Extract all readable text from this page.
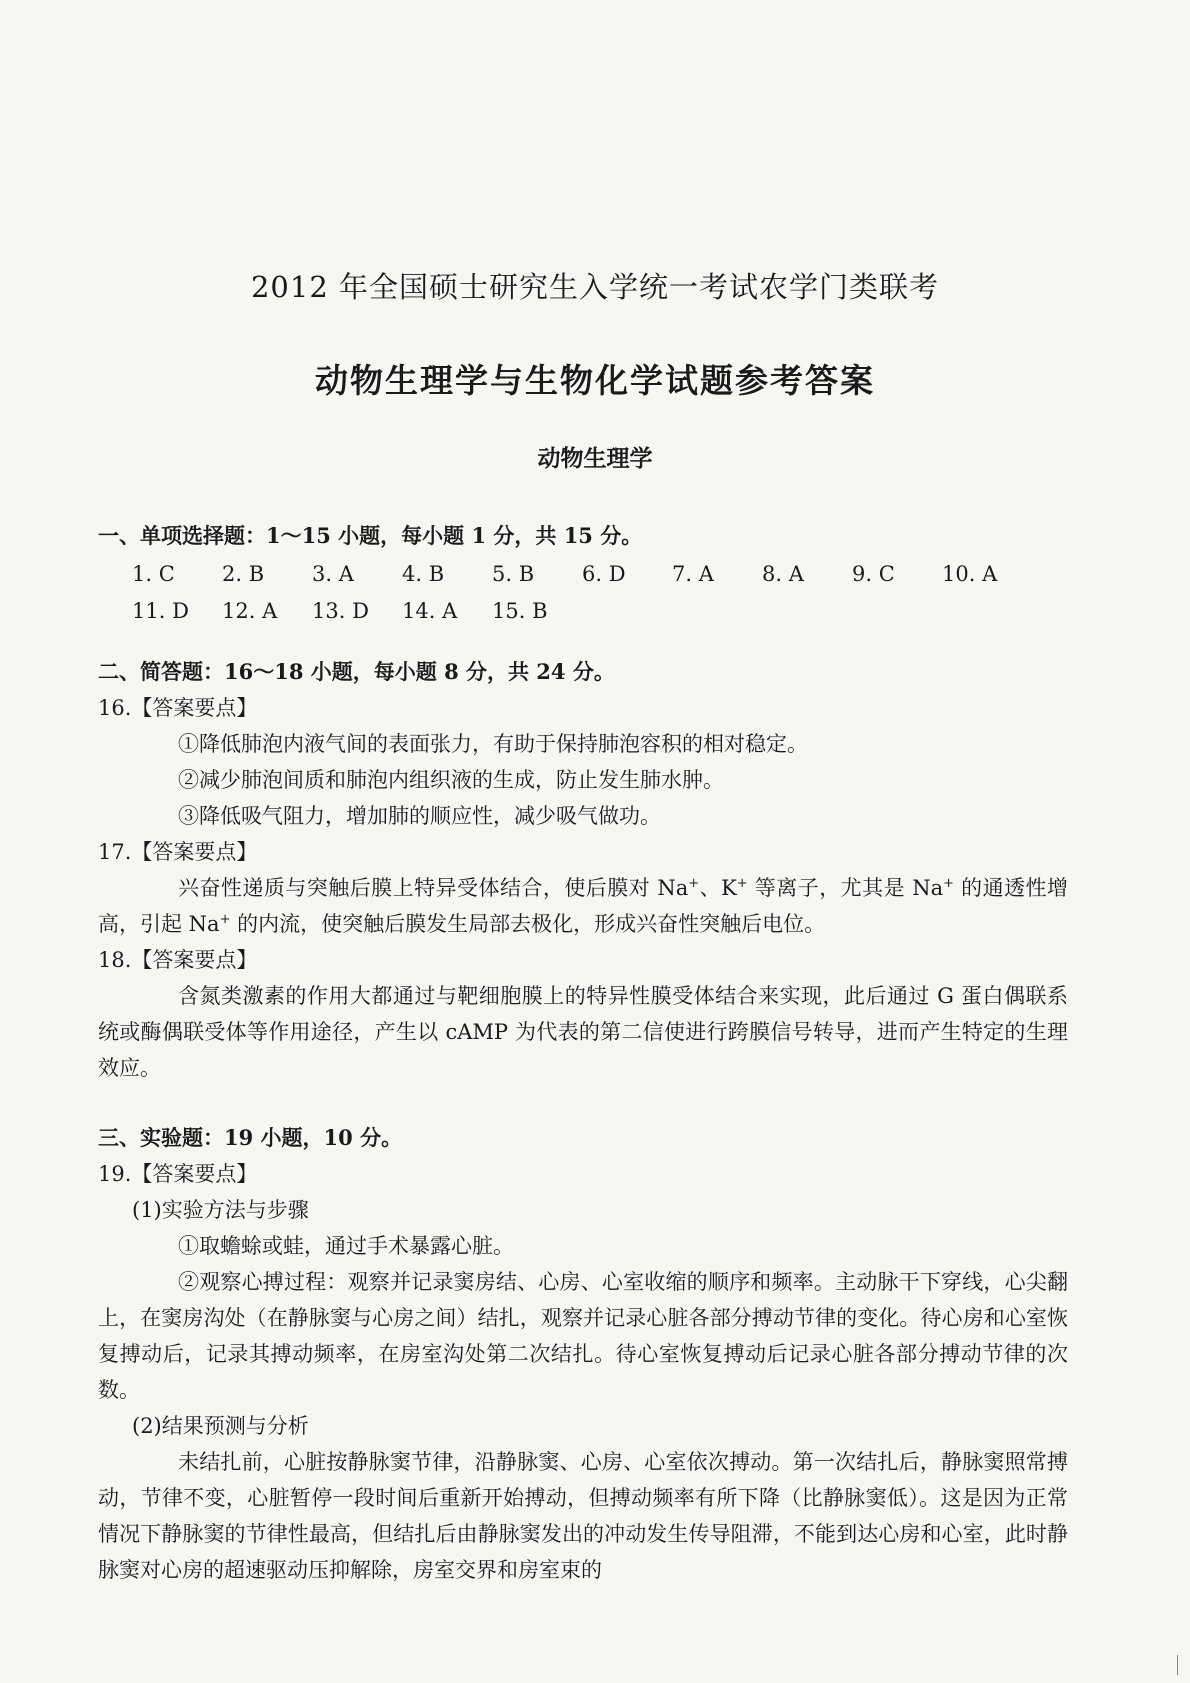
2012 年全国硕士研究生入学统一考试农学门类联考
动物生理学与生物化学试题参考答案
动物生理学
一、单项选择题：1～15 小题，每小题 1 分，共 15 分。
1. C	2. B	3. A	4. B	5. B	6. D	7. A	8. A	9. C	10. A
11. D	12. A	13. D	14. A	15. B
二、简答题：16～18 小题，每小题 8 分，共 24 分。
16.【答案要点】
①降低肺泡内液气间的表面张力，有助于保持肺泡容积的相对稳定。
②减少肺泡间质和肺泡内组织液的生成，防止发生肺水肿。
③降低吸气阻力，增加肺的顺应性，减少吸气做功。
17.【答案要点】
兴奋性递质与突触后膜上特异受体结合，使后膜对 Na+、K+ 等离子，尤其是 Na+ 的通透性增高，引起 Na+ 的内流，使突触后膜发生局部去极化，形成兴奋性突触后电位。
18.【答案要点】
含氮类激素的作用大都通过与靶细胞膜上的特异性膜受体结合来实现，此后通过 G 蛋白偶联系统或酶偶联受体等作用途径，产生以 cAMP 为代表的第二信使进行跨膜信号转导，进而产生特定的生理效应。
三、实验题：19 小题，10 分。
19.【答案要点】
(1)实验方法与步骤
①取蟾蜍或蛙，通过手术暴露心脏。
②观察心搏过程：观察并记录窦房结、心房、心室收缩的顺序和频率。主动脉干下穿线，心尖翻上，在窦房沟处（在静脉窦与心房之间）结扎，观察并记录心脏各部分搏动节律的变化。待心房和心室恢复搏动后，记录其搏动频率，在房室沟处第二次结扎。待心室恢复搏动后记录心脏各部分搏动节律的次数。
(2)结果预测与分析
未结扎前，心脏按静脉窦节律，沿静脉窦、心房、心室依次搏动。第一次结扎后，静脉窦照常搏动，节律不变，心脏暂停一段时间后重新开始搏动，但搏动频率有所下降（比静脉窦低）。这是因为正常情况下静脉窦的节律性最高，但结扎后由静脉窦发出的冲动发生传导阻滞，不能到达心房和心室，此时静脉窦对心房的超速驱动压抑解除，房室交界和房室束的
